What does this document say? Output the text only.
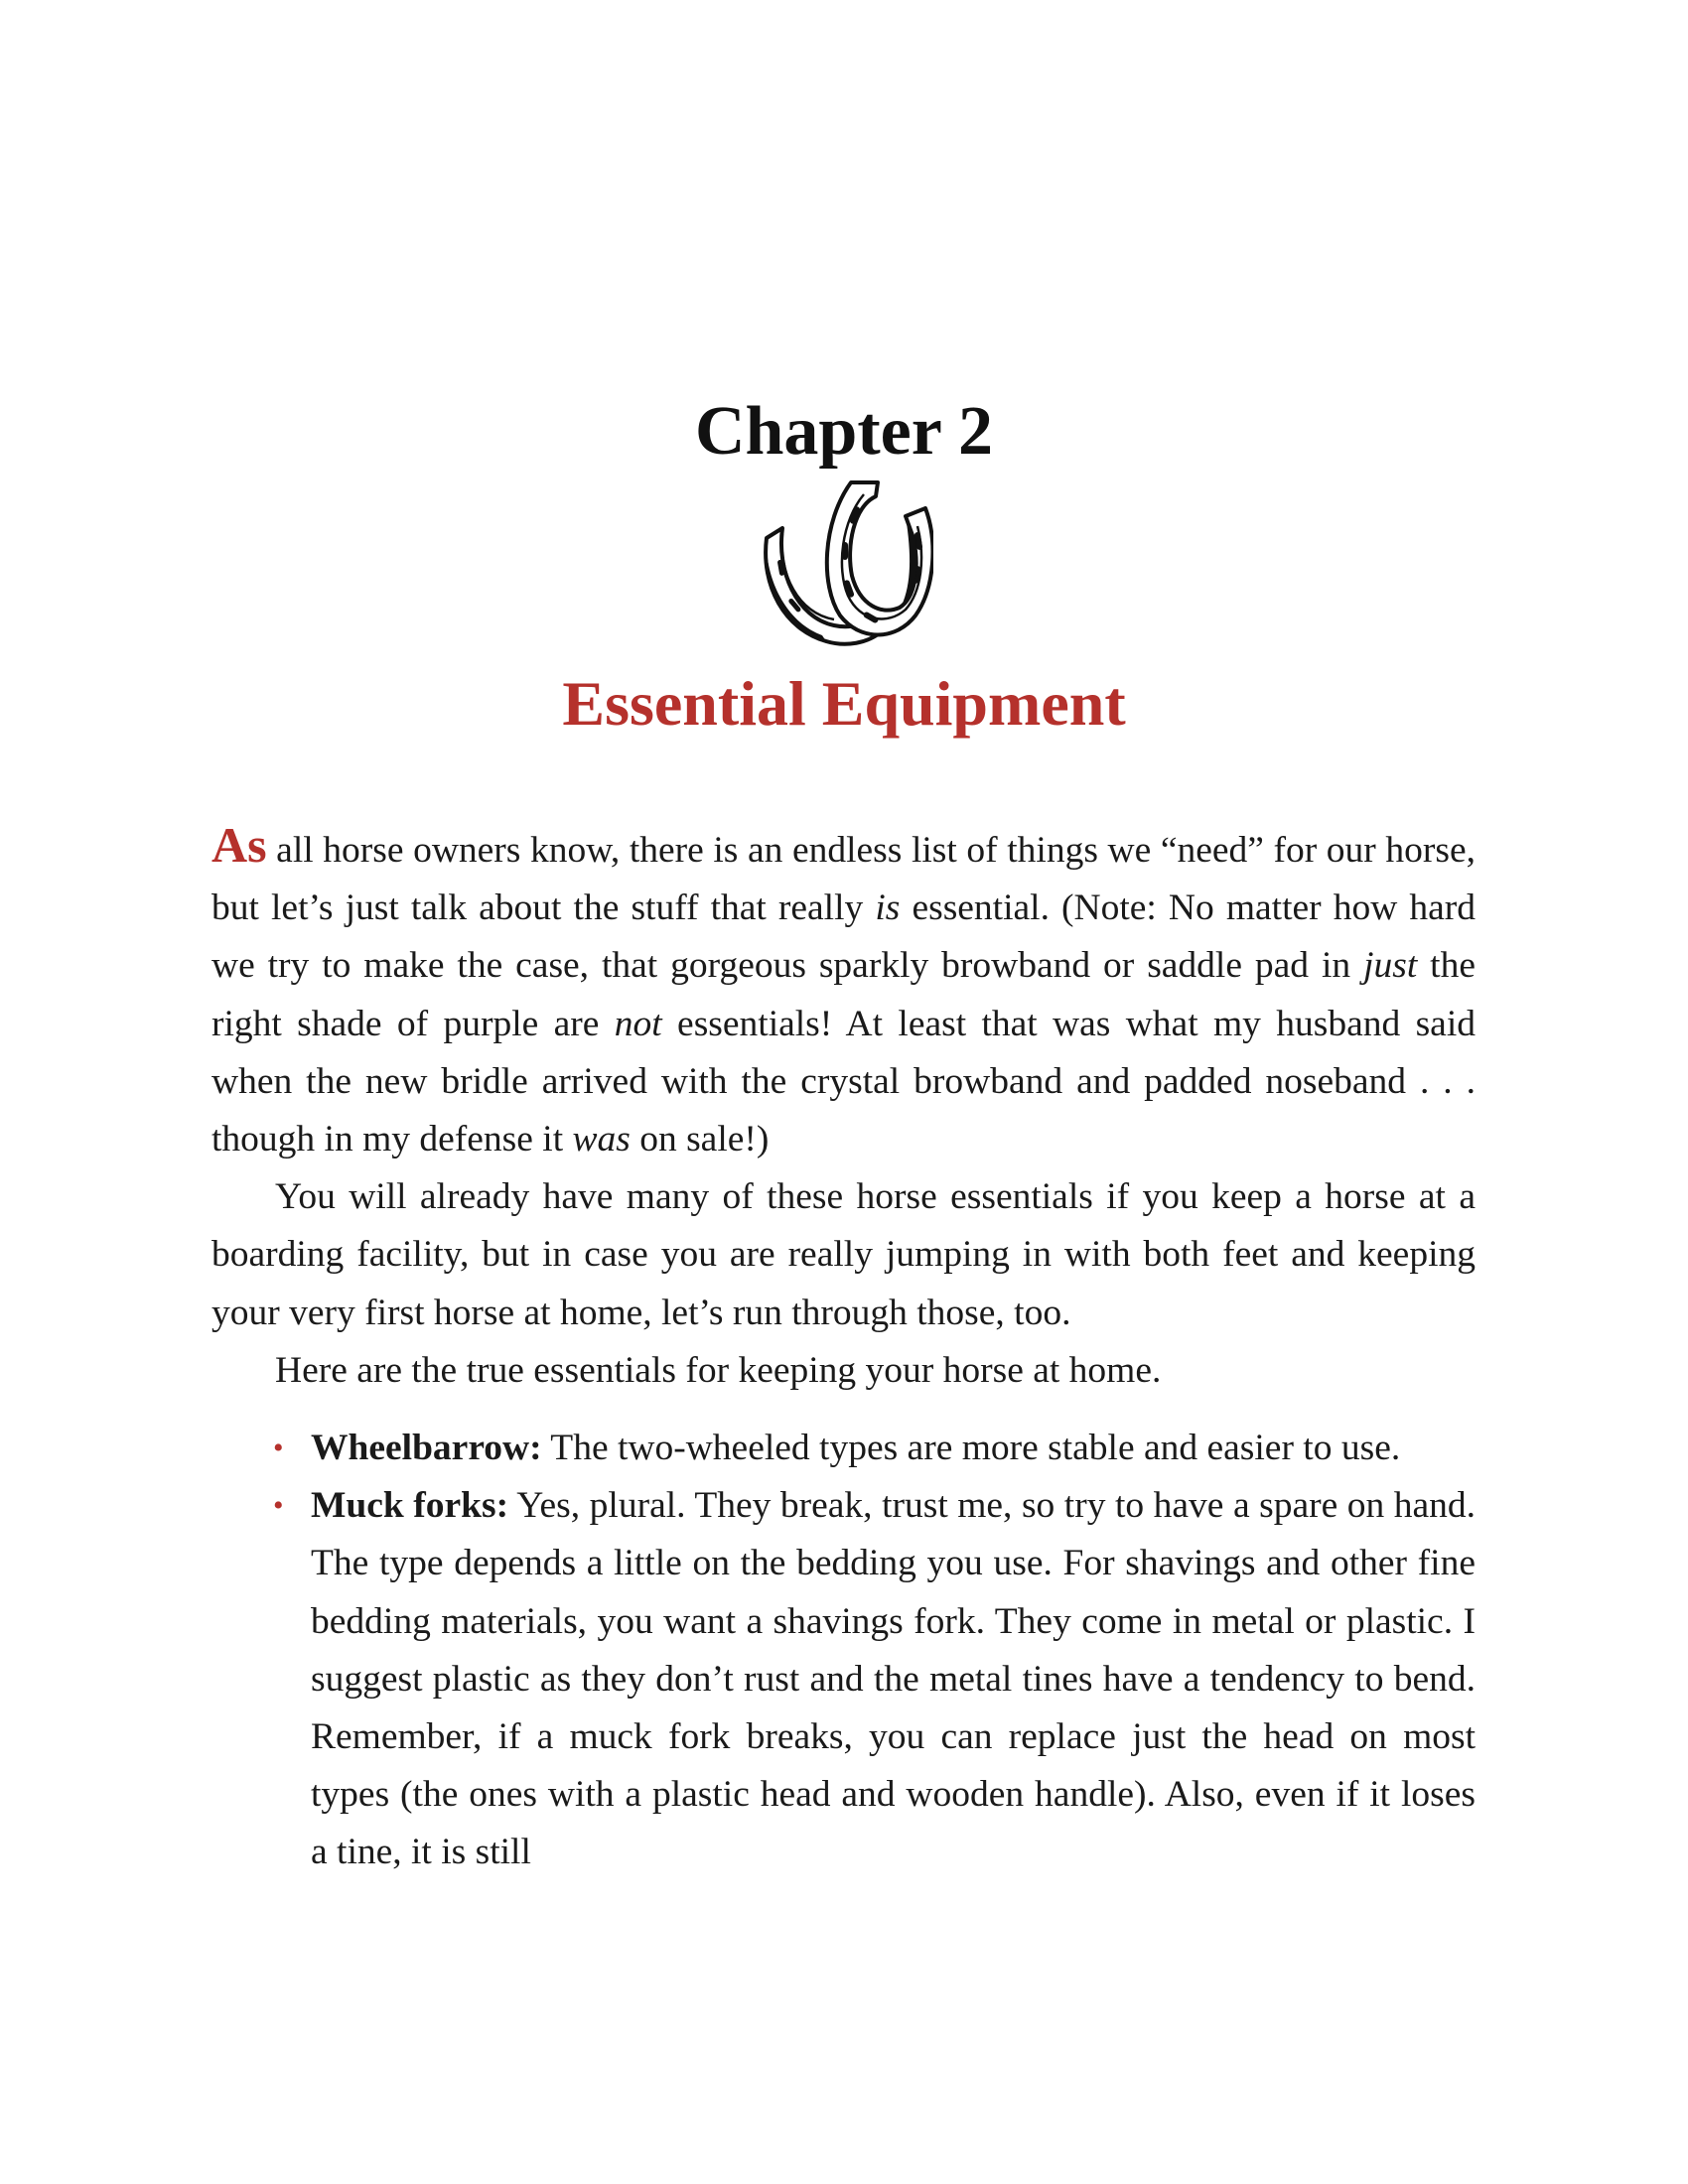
Chapter 2
Essential Equipment

As all horse owners know, there is an endless list of things we “need” for our horse, but let’s just talk about the stuff that really is essential. (Note: No matter how hard we try to make the case, that gorgeous sparkly browband or saddle pad in just the right shade of purple are not essentials! At least that was what my husband said when the new bridle arrived with the crystal browband and padded noseband . . . though in my defense it was on sale!)

You will already have many of these horse essentials if you keep a horse at a boarding facility, but in case you are really jumping in with both feet and keeping your very first horse at home, let’s run through those, too.

Here are the true essentials for keeping your horse at home.

• Wheelbarrow: The two-wheeled types are more stable and easier to use.
• Muck forks: Yes, plural. They break, trust me, so try to have a spare on hand. The type depends a little on the bedding you use. For shavings and other fine bedding materials, you want a shavings fork. They come in metal or plastic. I suggest plastic as they don’t rust and the metal tines have a tendency to bend. Remember, if a muck fork breaks, you can replace just the head on most types (the ones with a plastic head and wooden handle). Also, even if it loses a tine, it is still
